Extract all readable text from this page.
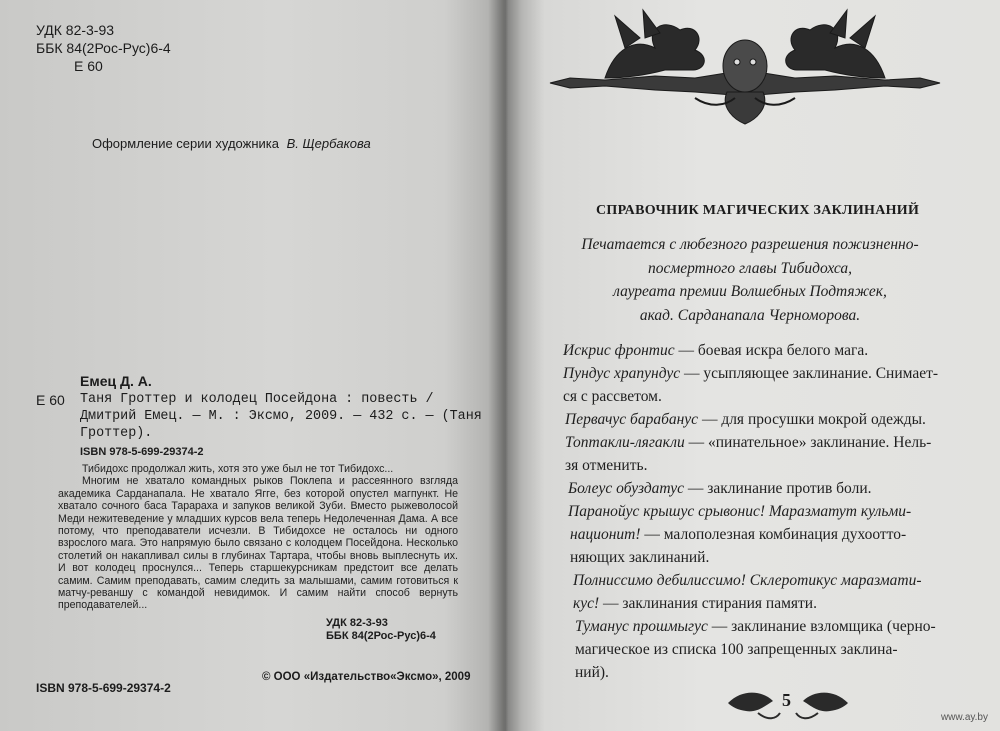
УДК 82-3-93
ББК 84(2Рос-Рус)6-4
Е 60
Оформление серии художника В. Щербакова
Емец Д. А.
Е 60 Таня Гроттер и колодец Посейдона : повесть /
Дмитрий Емец. — М. : Эксмо, 2009. — 432 с. — (Таня
Гроттер).
ISBN 978-5-699-29374-2

Тибидохс продолжал жить, хотя это уже был не тот Тибидохс...

Многим не хватало командных рыков Поклепа и рассеянного взгляда академика Сарданапала. Не хватало Ягге, без которой опустел магпункт. Не хватало сочного баса Тарараха и запуков великой Зуби. Вместо рыжеволосой Меди нежитеведение у младших курсов вела теперь Недолеченная Дама. А все потому, что преподаватели исчезли. В Тибидохсе не осталось ни одного взрослого мага. Это напрямую было связано с колодцем Посейдона. Несколько столетий он накапливал силы в глубинах Тартара, чтобы вновь выплеснуть их. И вот колодец проснулся... Теперь старшекурсникам предстоит все делать самим. Самим преподавать, самим следить за малышами, самим готовиться к матчу-реваншу с командой невидимок. И самим найти способ вернуть преподавателей...

УДК 82-3-93
ББК 84(2Рос-Рус)6-4
ISBN 978-5-699-29374-2
© ООО «Издательство«Эксмо», 2009
СПРАВОЧНИК МАГИЧЕСКИХ ЗАКЛИНАНИЙ
Печатается с любезного разрешения пожизненно-
посмертного главы Тибидохса,
лауреата премии Волшебных Подтяжек,
акад. Сарданапала Черноморова.
Искрис фронтис — боевая искра белого мага.
Пундус храпундус — усыпляющее заклинание. Снимает-
ся с рассветом.
Первачус барабанус — для просушки мокрой одежды.
Топтакли-лягакли — «пинательное» заклинание. Нель-
зя отменить.
Болеус обуздатус — заклинание против боли.
Паранойус крышус срывонис! Маразматут кульми-
национит! — малополезная комбинация духоотто-
няющих заклинаний.
Полниссимо дебилиссимо! Склеротикус маразмати-
кус! — заклинания стирания памяти.
Туманус прошмыгус — заклинание взломщика (черно-
магическое из списка 100 запрещенных заклина-
ний).
5
www.ay.by
